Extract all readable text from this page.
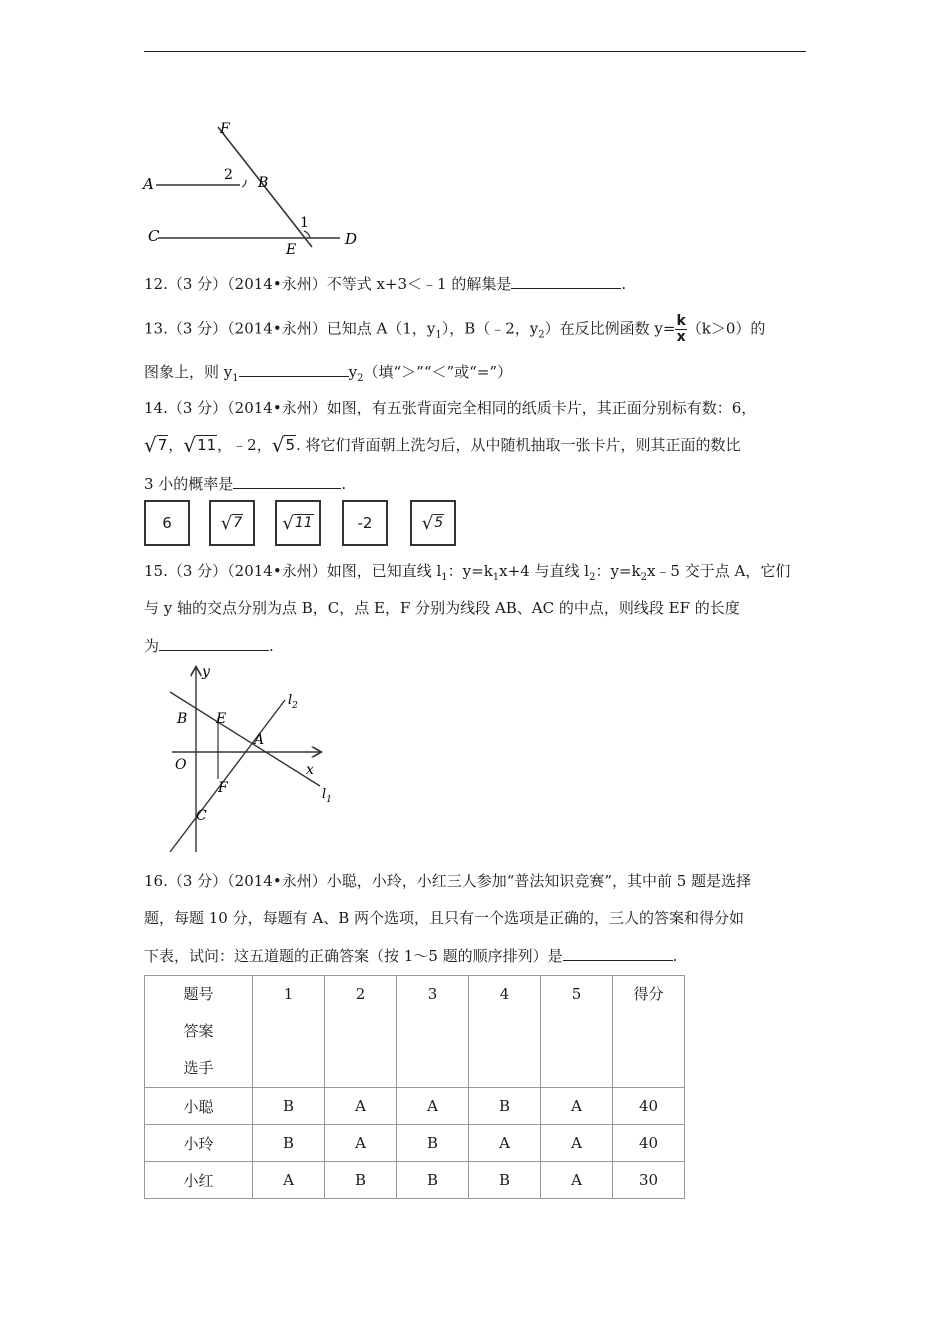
F
A	2 B
1
C
E
D
12.（3 分）（2014•永州）不等式 x+3＜﹣1 的解集是	.
13.（3 分）（2014•永州）已知点 A（1，$y_1$），B（﹣2，$y_2$）在反比例函数 $y= \frac{k}{x} (k>0)$的
图象上，则 $y_1$	$y_2$（填“＞”“＜”或“=”）
14.（3 分）（2014•永州）如图，有五张背面完全相同的纸质卡片，其正面分别标有数：6，
√7，√11，﹣2，√5. 将它们背面朝上洗匀后，从中随机抽取一张卡片，则其正面的数比
3 小的概率是	.
6	√7 √11	-2	√5
15.（3 分）（2014•永州）如图，已知直线 $l_1$：$y=k_1x+4$ 与直线 $l_2$：$y=k_2x﹣5$ 交于点 A，它们
与 y 轴的交点分别为点 B，C，点 E，F 分别为线段 AB、AC 的中点，则线段 EF 的长度
为	.
y
$l_2$
B E
A
O	x
F	$l_1$
C
16.（3 分）（2014•永州）小聪，小玲，小红三人参加“普法知识竞赛”，其中前 5 题是选择
题，每题 10 分，每题有 A、B 两个选项，且只有一个选项是正确的，三人的答案和得分如
下表，试问：这五道题的正确答案（按 1～5 题的顺序排列）是	.
题号
答案
选手	1	2	3	4	5	得分

小聪	B	A	A	B	A	40
小玲	B	A	B	A	A	40
小红	A	B	B	B	A	30
